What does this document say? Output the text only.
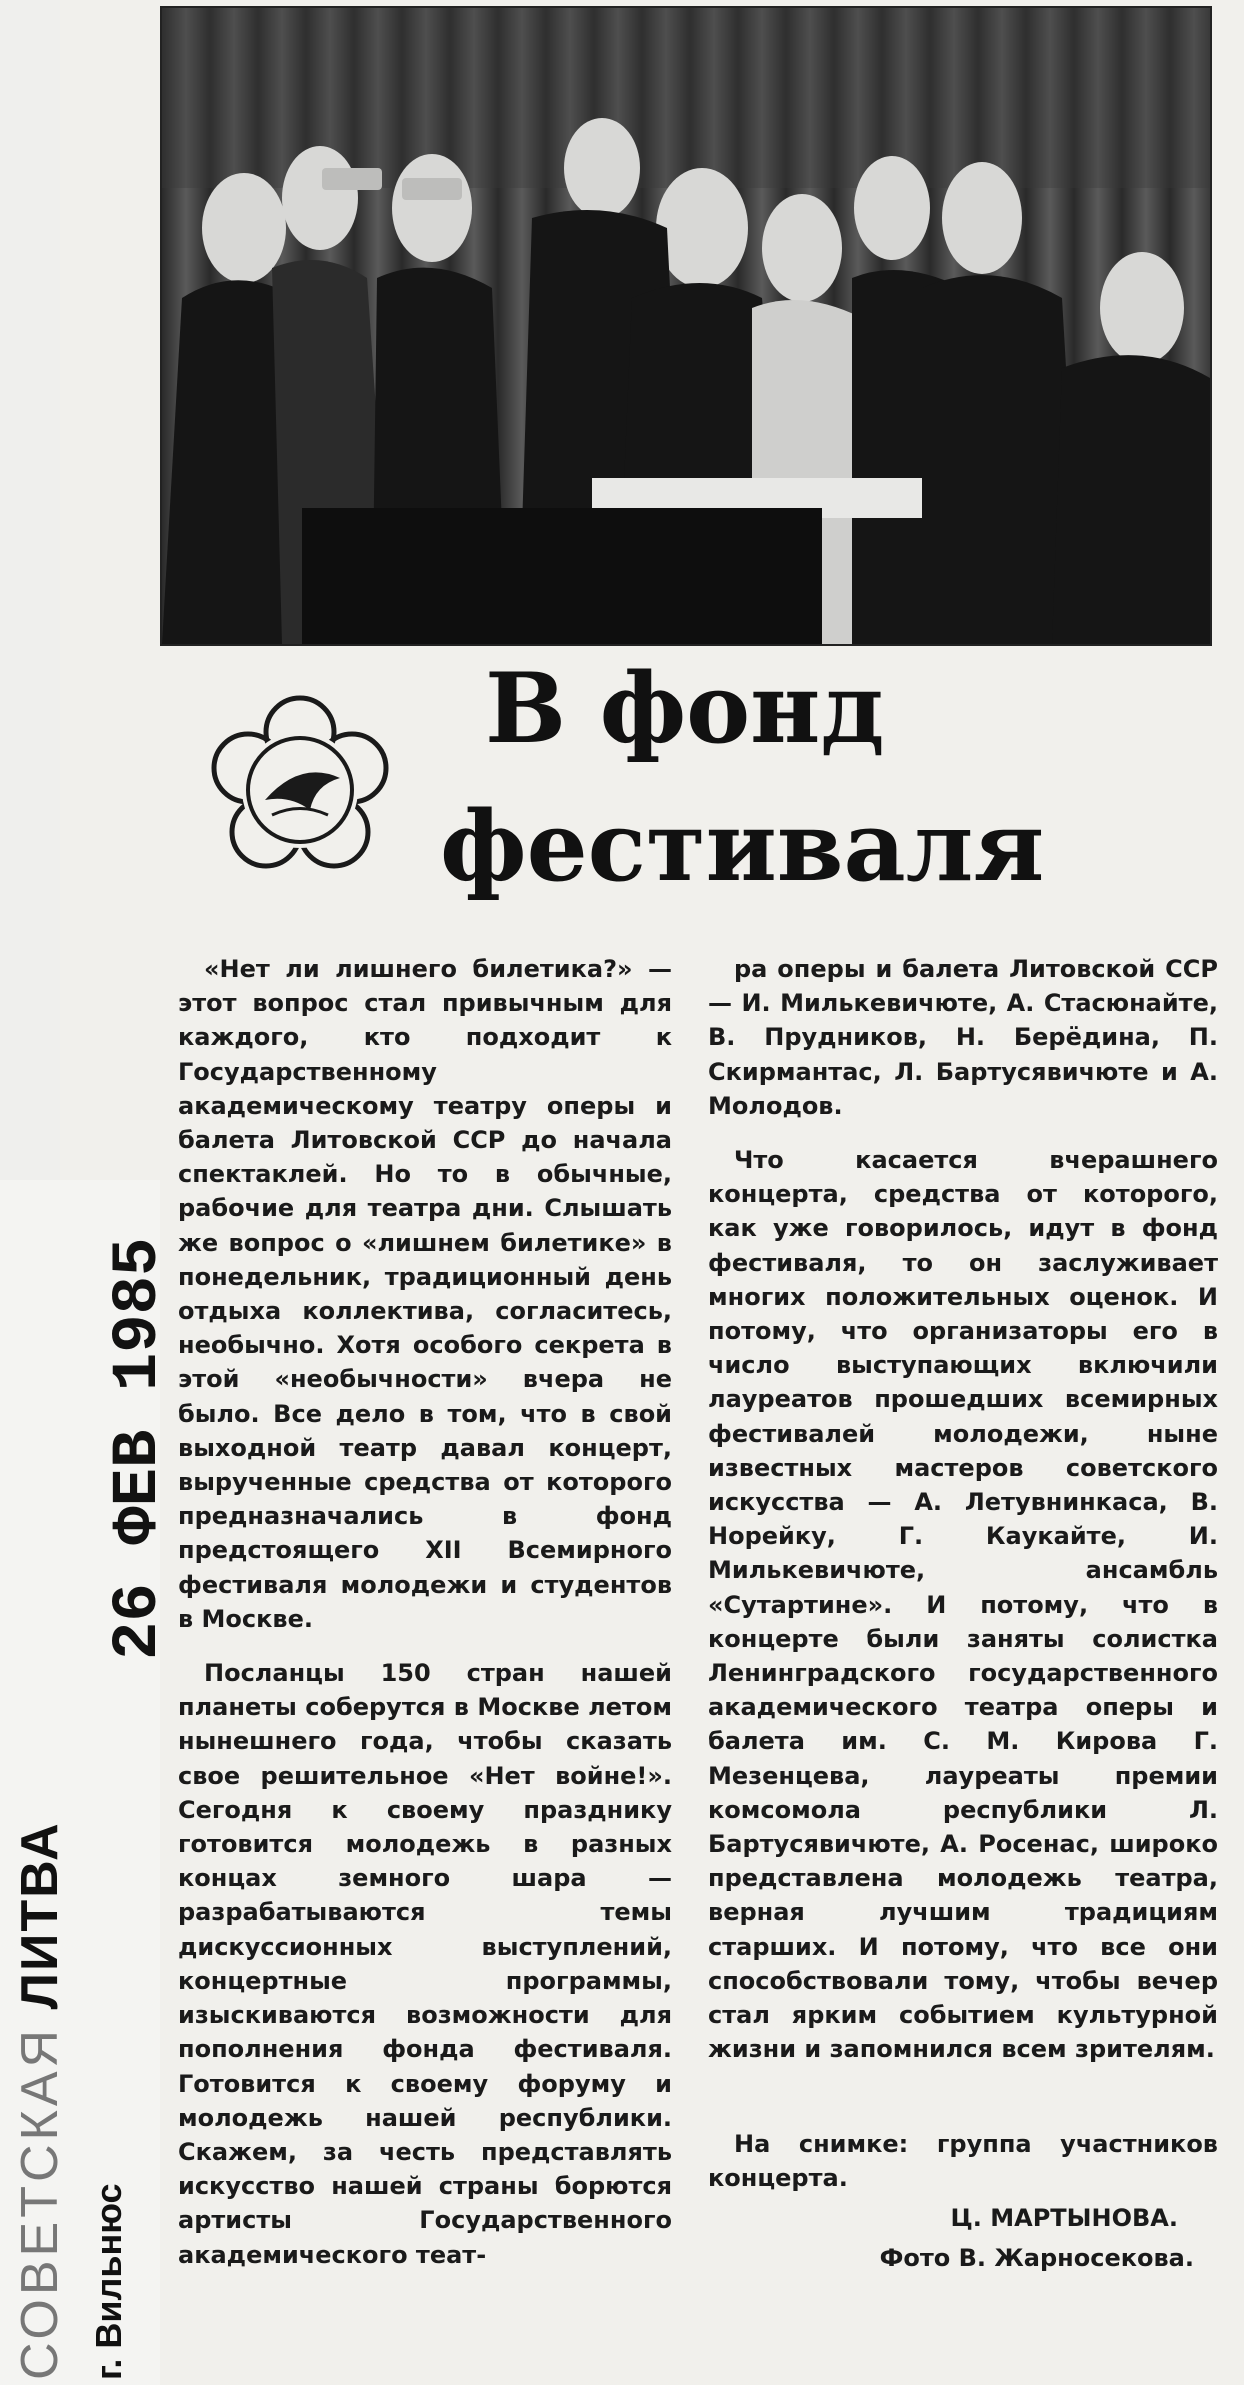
В фонд
фестиваля

«Нет ли лишнего билетика?» — этот вопрос стал привычным для каждого, кто подходит к Государственному академическому театру оперы и балета Литовской ССР до начала спектаклей. Но то в обычные, рабочие для театра дни. Слышать же вопрос о «лишнем билетике» в понедельник, традиционный день отдыха коллектива, согласитесь, необычно. Хотя особого секрета в этой «необычности» вчера не было. Все дело в том, что в свой выходной театр давал концерт, вырученные средства от которого предназначались в фонд предстоящего XII Всемирного фестиваля молодежи и студентов в Москве.

Посланцы 150 стран нашей планеты соберутся в Москве летом нынешнего года, чтобы сказать свое решительное «Нет войне!». Сегодня к своему празднику готовится молодежь в разных концах земного шара — разрабатываются темы дискуссионных выступлений, концертные программы, изыскиваются возможности для пополнения фонда фестиваля. Готовится к своему форуму и молодежь нашей республики. Скажем, за честь представлять искусство нашей страны борются артисты Государственного академического теат-

ра оперы и балета Литовской ССР — И. Милькевичюте, А. Стасюнайте, В. Прудников, Н. Берёдина, П. Скирмантас, Л. Бартусявичюте и А. Молодов.

Что касается вчерашнего концерта, средства от которого, как уже говорилось, идут в фонд фестиваля, то он заслуживает многих положительных оценок. И потому, что организаторы его в число выступающих включили лауреатов прошедших всемирных фестивалей молодежи, ныне известных мастеров советского искусства — А. Летувнинкаса, В. Норейку, Г. Каукайте, И. Милькевичюте, ансамбль «Сутартине». И потому, что в концерте были заняты солистка Ленинградского государственного академического театра оперы и балета им. С. М. Кирова Г. Мезенцева, лауреаты премии комсомола республики Л. Бартусявичюте, А. Росенас, широко представлена молодежь театра, верная лучшим традициям старших. И потому, что все они способствовали тому, чтобы вечер стал ярким событием культурной жизни и запомнился всем зрителям.

На снимке: группа участников концерта.
Ц. МАРТЫНОВА.
Фото В. Жарносекова.
26 ФЕВ 1985
СОВЕТСКАЯ ЛИТВА
г. Вильнюс
